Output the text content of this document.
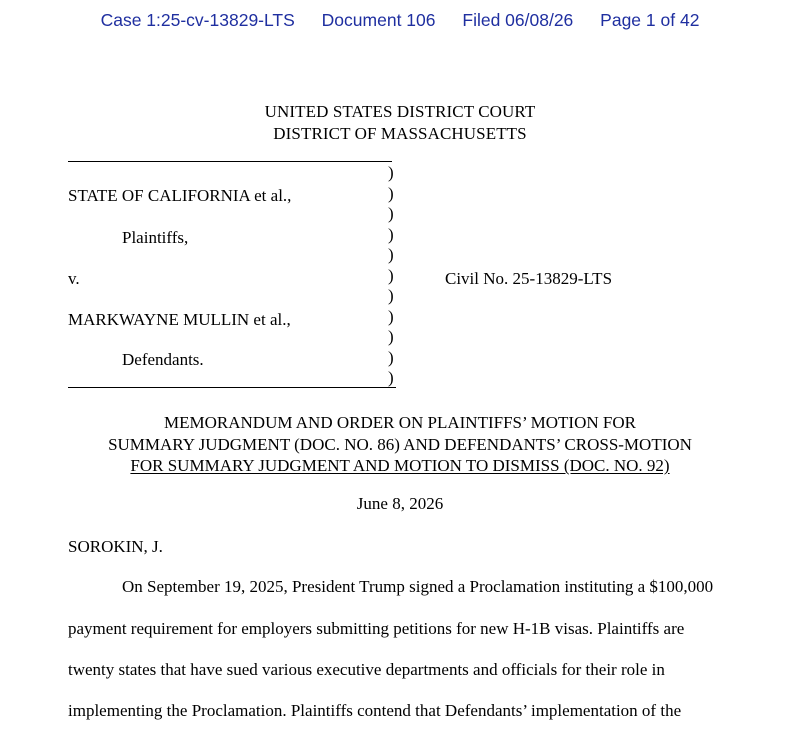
Case 1:25-cv-13829-LTS Document 106 Filed 06/08/26 Page 1 of 42
UNITED STATES DISTRICT COURT
DISTRICT OF MASSACHUSETTS
)
)
)
)
)
)
)
)
)
)
)
STATE OF CALIFORNIA et al.,
Plaintiffs,
v.	Civil No. 25-13829-LTS
MARKWAYNE MULLIN et al.,
Defendants.
MEMORANDUM AND ORDER ON PLAINTIFFS’ MOTION FOR
SUMMARY JUDGMENT (DOC. NO. 86) AND DEFENDANTS’ CROSS-MOTION
FOR SUMMARY JUDGMENT AND MOTION TO DISMISS (DOC. NO. 92)
June 8, 2026
SOROKIN, J.
On September 19, 2025, President Trump signed a Proclamation instituting a $100,000
payment requirement for employers submitting petitions for new H-1B visas. Plaintiffs are
twenty states that have sued various executive departments and officials for their role in
implementing the Proclamation. Plaintiffs contend that Defendants’ implementation of the
